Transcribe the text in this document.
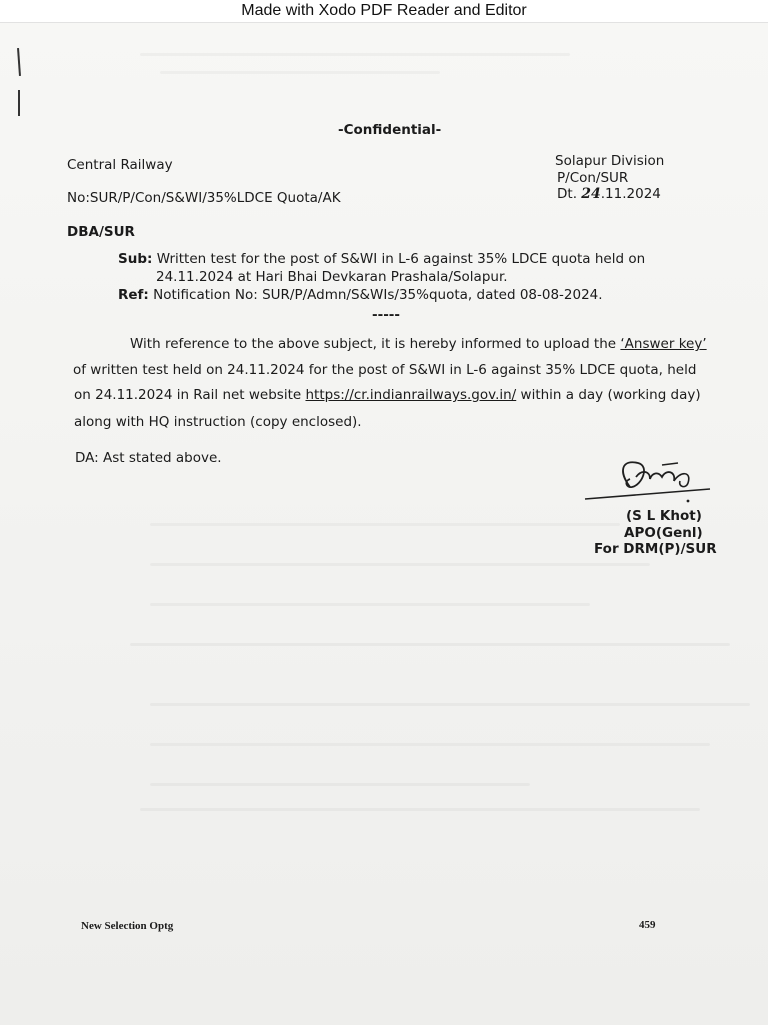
Made with Xodo PDF Reader and Editor
-Confidential-
Central Railway	Solapur Division
P/Con/SUR
Dt. 24.11.2024
No:SUR/P/Con/S&WI/35%LDCE Quota/AK
DBA/SUR
Sub: Written test for the post of S&WI in L-6 against 35% LDCE quota held on
24.11.2024 at Hari Bhai Devkaran Prashala/Solapur.
Ref: Notification No: SUR/P/Admn/S&WIs/35%quota, dated 08-08-2024.
-----
With reference to the above subject, it is hereby informed to upload the ‘Answer key’
of written test held on 24.11.2024 for the post of S&WI in L-6 against 35% LDCE quota, held
on 24.11.2024 in Rail net website https://cr.indianrailways.gov.in/ within a day (working day)
along with HQ instruction (copy enclosed).
DA: Ast stated above.
(S L Khot)
APO(Genl)
For DRM(P)/SUR
New Selection Optg	459
